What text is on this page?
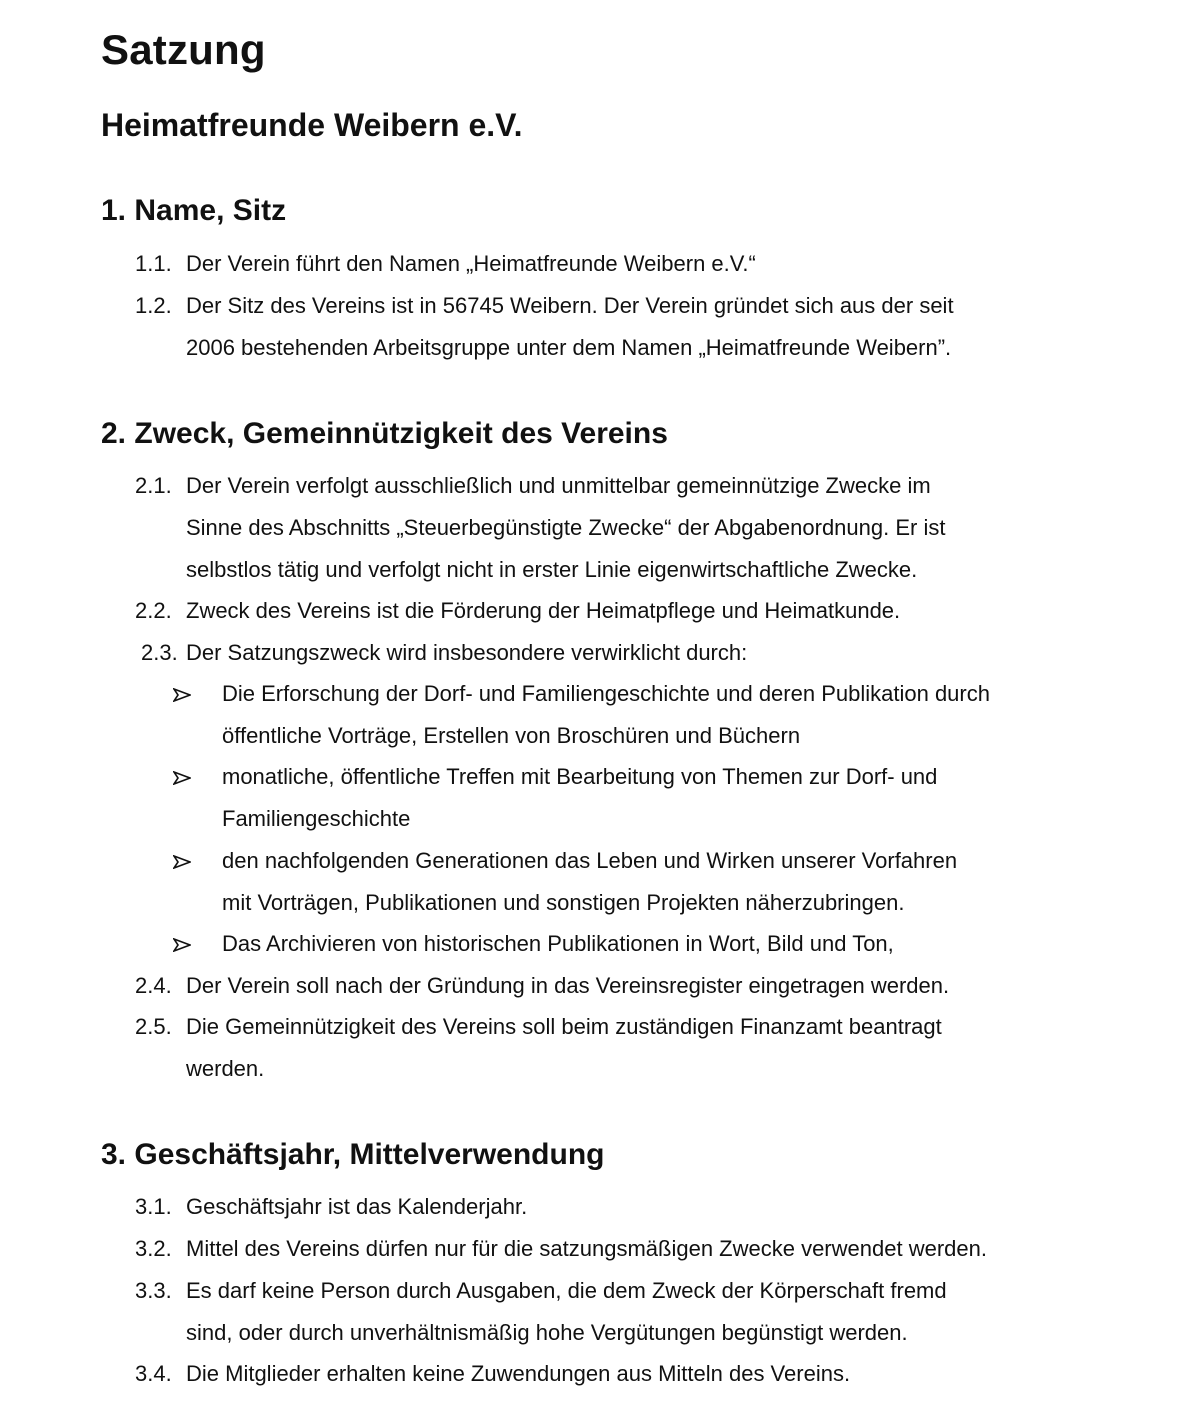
Satzung
Heimatfreunde Weibern e.V.
1. Name, Sitz
1.1. Der Verein führt den Namen „Heimatfreunde Weibern e.V.“
1.2. Der Sitz des Vereins ist in 56745 Weibern. Der Verein gründet sich aus der seit
2006 bestehenden Arbeitsgruppe unter dem Namen „Heimatfreunde Weibern”.
2. Zweck, Gemeinnützigkeit des Vereins
2.1. Der Verein verfolgt ausschließlich und unmittelbar gemeinnützige Zwecke im
Sinne des Abschnitts „Steuerbegünstigte Zwecke“ der Abgabenordnung. Er ist
selbstlos tätig und verfolgt nicht in erster Linie eigenwirtschaftliche Zwecke.
2.2. Zweck des Vereins ist die Förderung der Heimatpflege und Heimatkunde.
2.3. Der Satzungszweck wird insbesondere verwirklicht durch:
Die Erforschung der Dorf- und Familiengeschichte und deren Publikation durch
öffentliche Vorträge, Erstellen von Broschüren und Büchern
monatliche, öffentliche Treffen mit Bearbeitung von Themen zur Dorf- und
Familiengeschichte
den nachfolgenden Generationen das Leben und Wirken unserer Vorfahren
mit Vorträgen, Publikationen und sonstigen Projekten näherzubringen.
Das Archivieren von historischen Publikationen in Wort, Bild und Ton,
2.4. Der Verein soll nach der Gründung in das Vereinsregister eingetragen werden.
2.5. Die Gemeinnützigkeit des Vereins soll beim zuständigen Finanzamt beantragt
werden.
3. Geschäftsjahr, Mittelverwendung
3.1. Geschäftsjahr ist das Kalenderjahr.
3.2. Mittel des Vereins dürfen nur für die satzungsmäßigen Zwecke verwendet werden.
3.3. Es darf keine Person durch Ausgaben, die dem Zweck der Körperschaft fremd
sind, oder durch unverhältnismäßig hohe Vergütungen begünstigt werden.
3.4. Die Mitglieder erhalten keine Zuwendungen aus Mitteln des Vereins.
